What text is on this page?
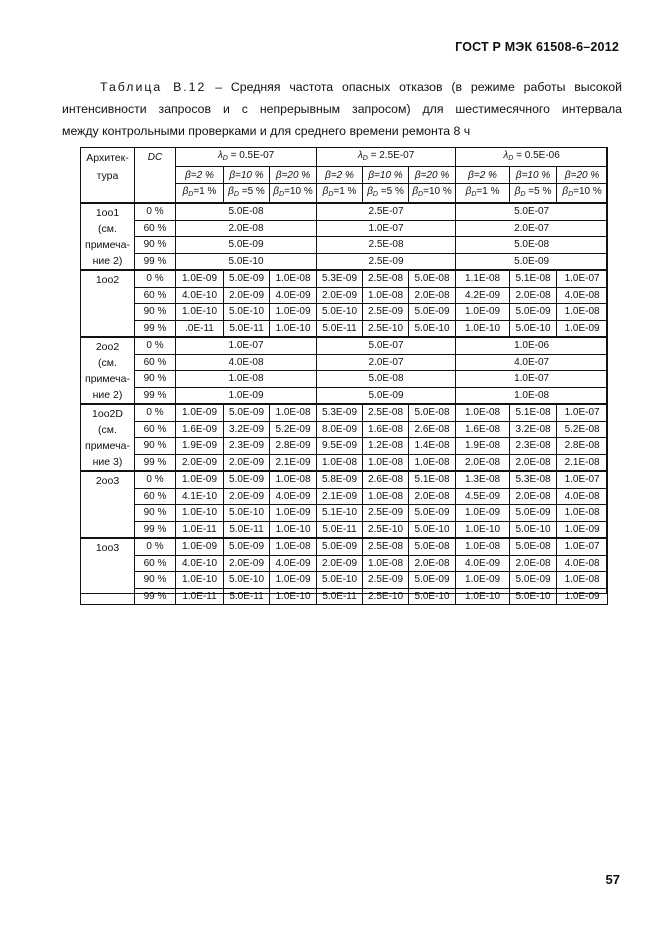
ГОСТ Р МЭК 61508-6–2012
Таблица В.12 – Средняя частота опасных отказов (в режиме работы высокой
интенсивности запросов и с непрерывным запросом) для шестимесячного интервала
между контрольными проверками и для среднего времени ремонта 8 ч
Архитек-
тура	DC	$\lambda_D = 0.5E-07$			$\lambda_D = 2.5E-07$			$\lambda_D = 0.5E-06$		
		β=2 %	β=10 %	β=20 %	β=2 %	β=10 %	β=20 %	β=2 %	β=10 %	β=20 %
		$\beta_D=1$ %	$\beta_D =5$ %	$\beta_D=10$ %	$\beta_D=1$ %	$\beta_D =5$ %	$\beta_D=10$ %	$\beta_D=1$ %	$\beta_D =5$ %	$\beta_D=10$ %

1oo1
(см.
примеча-
ние 2)	0 %	5.0E-08			2.5E-07			5.0E-07		
	60 %	2.0E-08			1.0E-07			2.0E-07		
	90 %	5.0E-09			2.5E-08			5.0E-08		
	99 %	5.0E-10			2.5E-09			5.0E-09		

1oo2	0 %	1.0E-09	5.0E-09	1.0E-08	5.3E-09	2.5E-08	5.0E-08	1.1E-08	5.1E-08	1.0E-07
	60 %	4.0E-10	2.0E-09	4.0E-09	2.0E-09	1.0E-08	2.0E-08	4.2E-09	2.0E-08	4.0E-08
	90 %	1.0E-10	5.0E-10	1.0E-09	5.0E-10	2.5E-09	5.0E-09	1.0E-09	5.0E-09	1.0E-08
	99 %	.0E-11	5.0E-11	1.0E-10	5.0E-11	2.5E-10	5.0E-10	1.0E-10	5.0E-10	1.0E-09

2oo2
(см.
примеча-
ние 2)	0 %	1.0E-07			5.0E-07			1.0E-06		
	60 %	4.0E-08			2.0E-07			4.0E-07		
	90 %	1.0E-08			5.0E-08			1.0E-07		
	99 %	1.0E-09			5.0E-09			1.0E-08		

1oo2D
(см.
примеча-
ние 3)	0 %	1.0E-09	5.0E-09	1.0E-08	5.3E-09	2.5E-08	5.0E-08	1.0E-08	5.1E-08	1.0E-07
	60 %	1.6E-09	3.2E-09	5.2E-09	8.0E-09	1.6E-08	2.6E-08	1.6E-08	3.2E-08	5.2E-08
	90 %	1.9E-09	2.3E-09	2.8E-09	9.5E-09	1.2E-08	1.4E-08	1.9E-08	2.3E-08	2.8E-08
	99 %	2.0E-09	2.0E-09	2.1E-09	1.0E-08	1.0E-08	1.0E-08	2.0E-08	2.0E-08	2.1E-08

2oo3	0 %	1.0E-09	5.0E-09	1.0E-08	5.8E-09	2.6E-08	5.1E-08	1.3E-08	5.3E-08	1.0E-07
	60 %	4.1E-10	2.0E-09	4.0E-09	2.1E-09	1.0E-08	2.0E-08	4.5E-09	2.0E-08	4.0E-08
	90 %	1.0E-10	5.0E-10	1.0E-09	5.1E-10	2.5E-09	5.0E-09	1.0E-09	5.0E-09	1.0E-08
	99 %	1.0E-11	5.0E-11	1.0E-10	5.0E-11	2.5E-10	5.0E-10	1.0E-10	5.0E-10	1.0E-09

1oo3	0 %	1.0E-09	5.0E-09	1.0E-08	5.0E-09	2.5E-08	5.0E-08	1.0E-08	5.0E-08	1.0E-07
	60 %	4.0E-10	2.0E-09	4.0E-09	2.0E-09	1.0E-08	2.0E-08	4.0E-09	2.0E-08	4.0E-08
	90 %	1.0E-10	5.0E-10	1.0E-09	5.0E-10	2.5E-09	5.0E-09	1.0E-09	5.0E-09	1.0E-08
	99 %	1.0E-11	5.0E-11	1.0E-10	5.0E-11	2.5E-10	5.0E-10	1.0E-10	5.0E-10	1.0E-09
57
